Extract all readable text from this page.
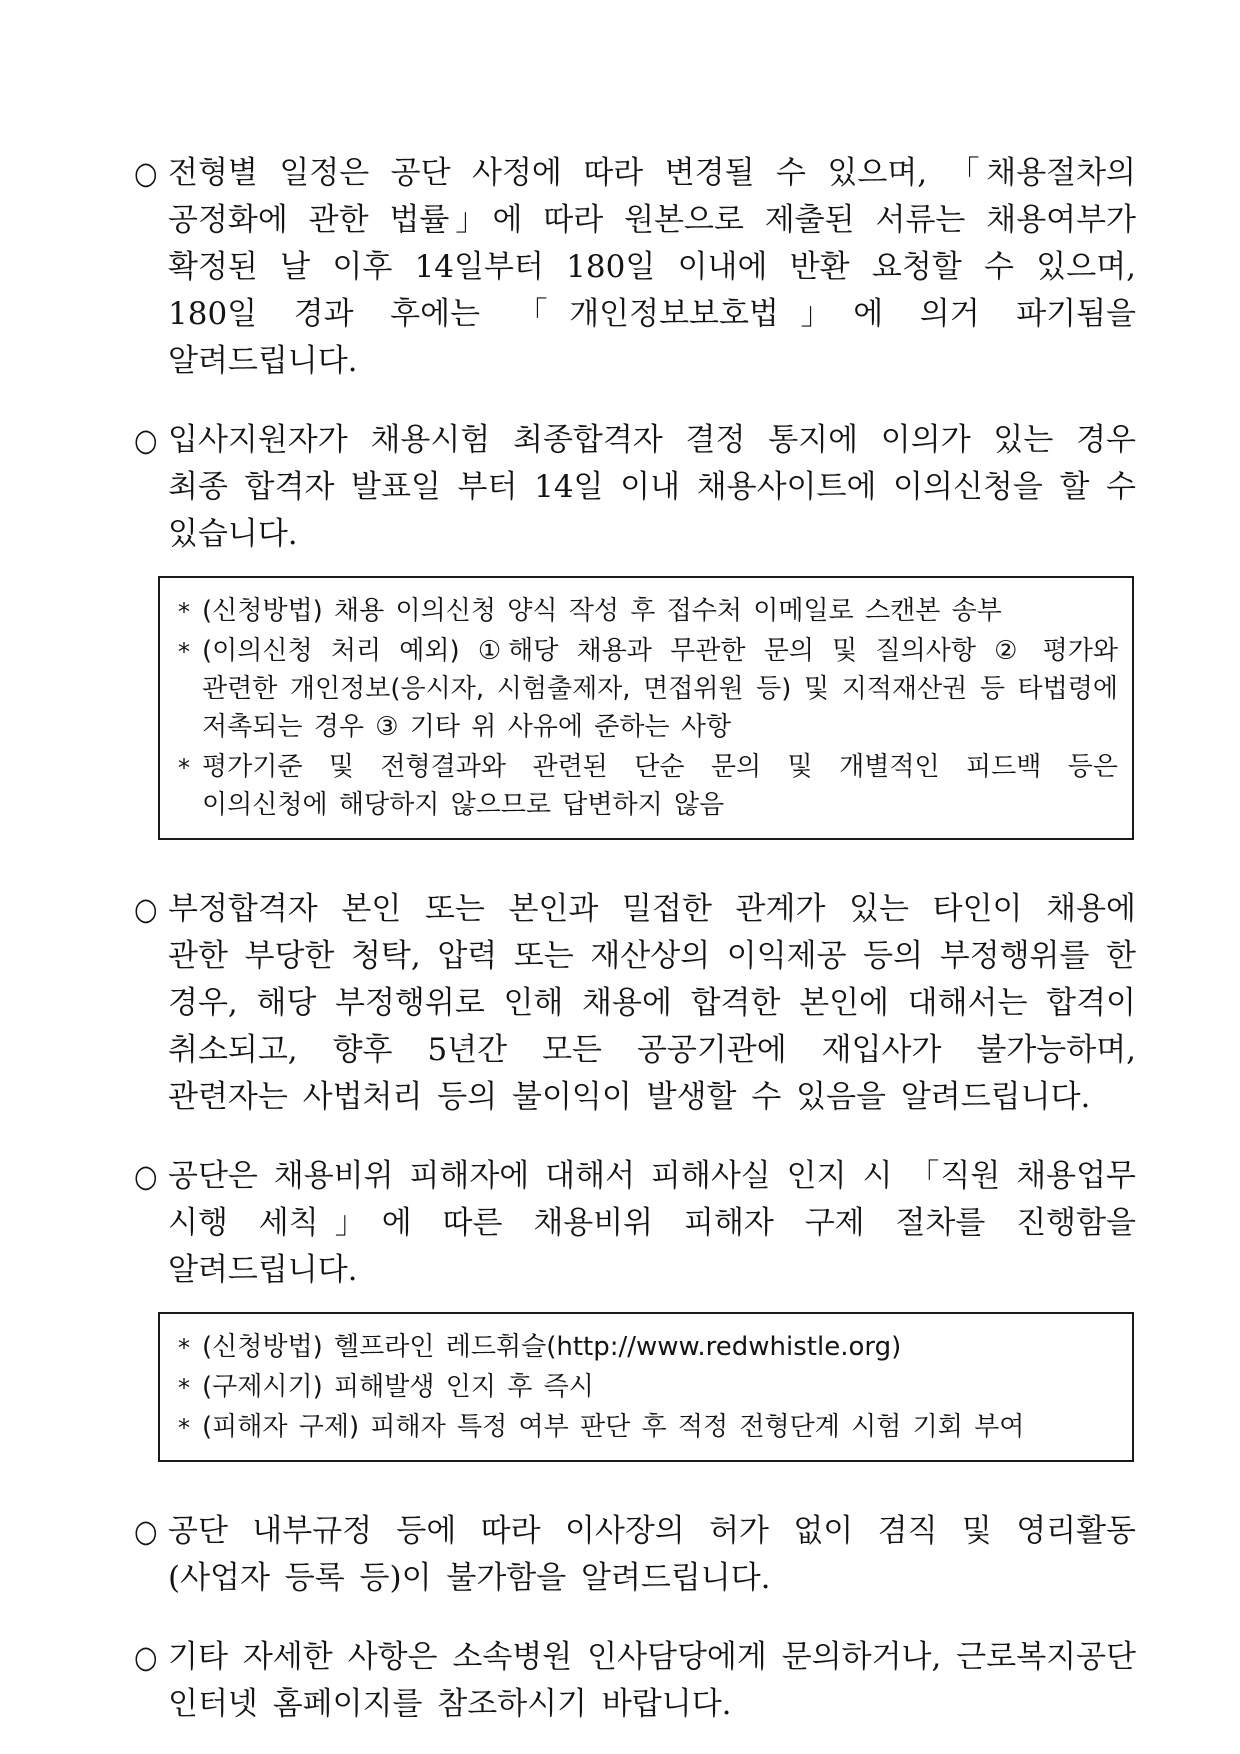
○ 전형별 일정은 공단 사정에 따라 변경될 수 있으며, 「채용절차의 공정화에 관한 법률」에 따라 원본으로 제출된 서류는 채용여부가 확정된 날 이후 14일부터 180일 이내에 반환 요청할 수 있으며, 180일 경과 후에는 「개인정보보호법」에 의거 파기됨을 알려드립니다.

○ 입사지원자가 채용시험 최종합격자 결정 통지에 이의가 있는 경우 최종 합격자 발표일 부터 14일 이내 채용사이트에 이의신청을 할 수 있습니다.

* (신청방법) 채용 이의신청 양식 작성 후 접수처 이메일로 스캔본 송부
* (이의신청 처리 예외) ①해당 채용과 무관한 문의 및 질의사항 ② 평가와 관련한 개인정보(응시자, 시험출제자, 면접위원 등) 및 지적재산권 등 타법령에 저촉되는 경우 ③ 기타 위 사유에 준하는 사항
* 평가기준 및 전형결과와 관련된 단순 문의 및 개별적인 피드백 등은 이의신청에 해당하지 않으므로 답변하지 않음
○ 부정합격자 본인 또는 본인과 밀접한 관계가 있는 타인이 채용에 관한 부당한 청탁, 압력 또는 재산상의 이익제공 등의 부정행위를 한 경우, 해당 부정행위로 인해 채용에 합격한 본인에 대해서는 합격이 취소되고, 향후 5년간 모든 공공기관에 재입사가 불가능하며, 관련자는 사법처리 등의 불이익이 발생할 수 있음을 알려드립니다.

○ 공단은 채용비위 피해자에 대해서 피해사실 인지 시 「직원 채용업무 시행 세칙」에 따른 채용비위 피해자 구제 절차를 진행함을 알려드립니다.

* (신청방법) 헬프라인 레드휘슬(http://www.redwhistle.org)
* (구제시기) 피해발생 인지 후 즉시
* (피해자 구제) 피해자 특정 여부 판단 후 적정 전형단계 시험 기회 부여
○ 공단 내부규정 등에 따라 이사장의 허가 없이 겸직 및 영리활동(사업자 등록 등)이 불가함을 알려드립니다.

○ 기타 자세한 사항은 소속병원 인사담당에게 문의하거나, 근로복지공단 인터넷 홈페이지를 참조하시기 바랍니다.
